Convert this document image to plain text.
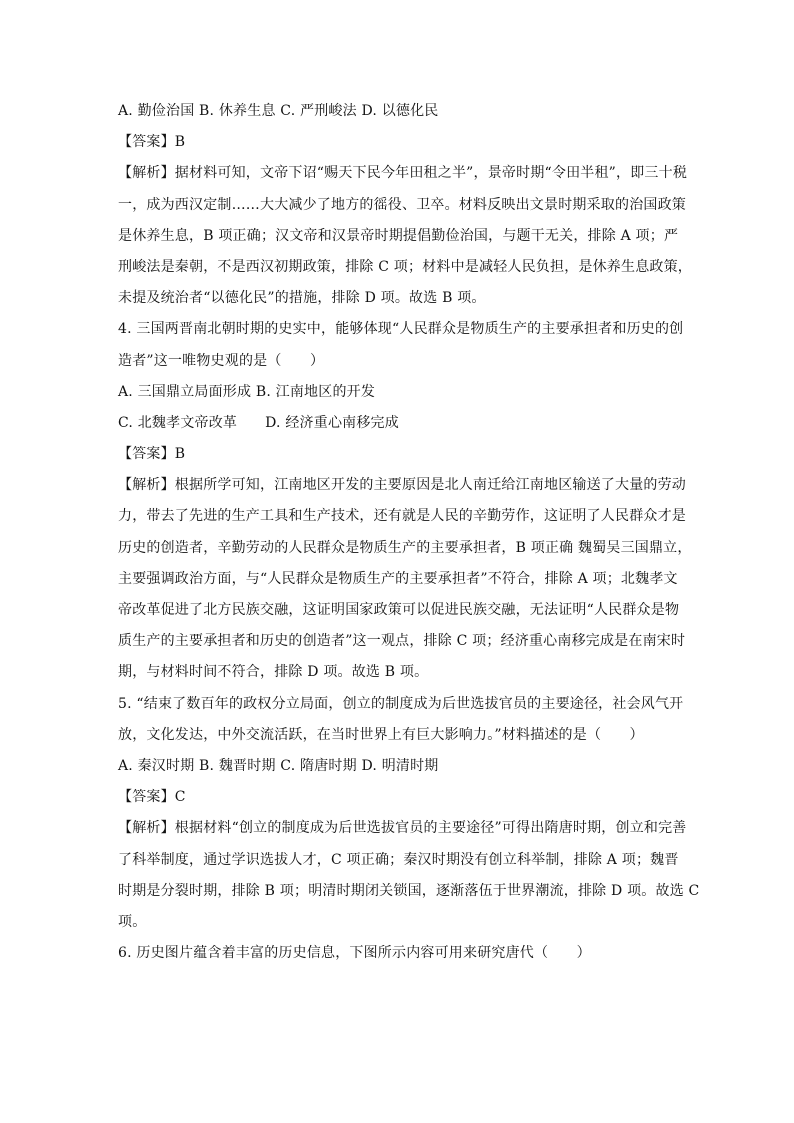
A. 勤俭治国 B. 休养生息 C. 严刑峻法 D. 以德化民
【答案】B
【解析】据材料可知，文帝下诏“赐天下民今年田租之半”，景帝时期“令田半租”，即三十税
一，成为西汉定制……大大减少了地方的徭役、卫卒。材料反映出文景时期采取的治国政策
是休养生息，B 项正确；汉文帝和汉景帝时期提倡勤俭治国，与题干无关，排除 A 项；严
刑峻法是秦朝，不是西汉初期政策，排除 C 项；材料中是减轻人民负担，是休养生息政策，
未提及统治者“以德化民”的措施，排除 D 项。故选 B 项。
4. 三国两晋南北朝时期的史实中，能够体现“人民群众是物质生产的主要承担者和历史的创
造者”这一唯物史观的是（　　）
A. 三国鼎立局面形成 B. 江南地区的开发
C. 北魏孝文帝改革 D. 经济重心南移完成
【答案】B
【解析】根据所学可知，江南地区开发的主要原因是北人南迁给江南地区输送了大量的劳动
力，带去了先进的生产工具和生产技术，还有就是人民的辛勤劳作，这证明了人民群众才是
历史的创造者，辛勤劳动的人民群众是物质生产的主要承担者，B 项正确 魏蜀吴三国鼎立，
主要强调政治方面，与“人民群众是物质生产的主要承担者”不符合，排除 A 项；北魏孝文
帝改革促进了北方民族交融，这证明国家政策可以促进民族交融，无法证明“人民群众是物
质生产的主要承担者和历史的创造者”这一观点，排除 C 项；经济重心南移完成是在南宋时
期，与材料时间不符合，排除 D 项。故选 B 项。
5. “结束了数百年的政权分立局面，创立的制度成为后世选拔官员的主要途径，社会风气开
放，文化发达，中外交流活跃，在当时世界上有巨大影响力。”材料描述的是（　　）
A. 秦汉时期 B. 魏晋时期 C. 隋唐时期 D. 明清时期
【答案】C
【解析】根据材料“创立的制度成为后世选拔官员的主要途径”可得出隋唐时期，创立和完善
了科举制度，通过学识选拔人才，C 项正确；秦汉时期没有创立科举制，排除 A 项；魏晋
时期是分裂时期，排除 B 项；明清时期闭关锁国，逐渐落伍于世界潮流，排除 D 项。故选 C
项。
6. 历史图片蕴含着丰富的历史信息，下图所示内容可用来研究唐代（　　）
